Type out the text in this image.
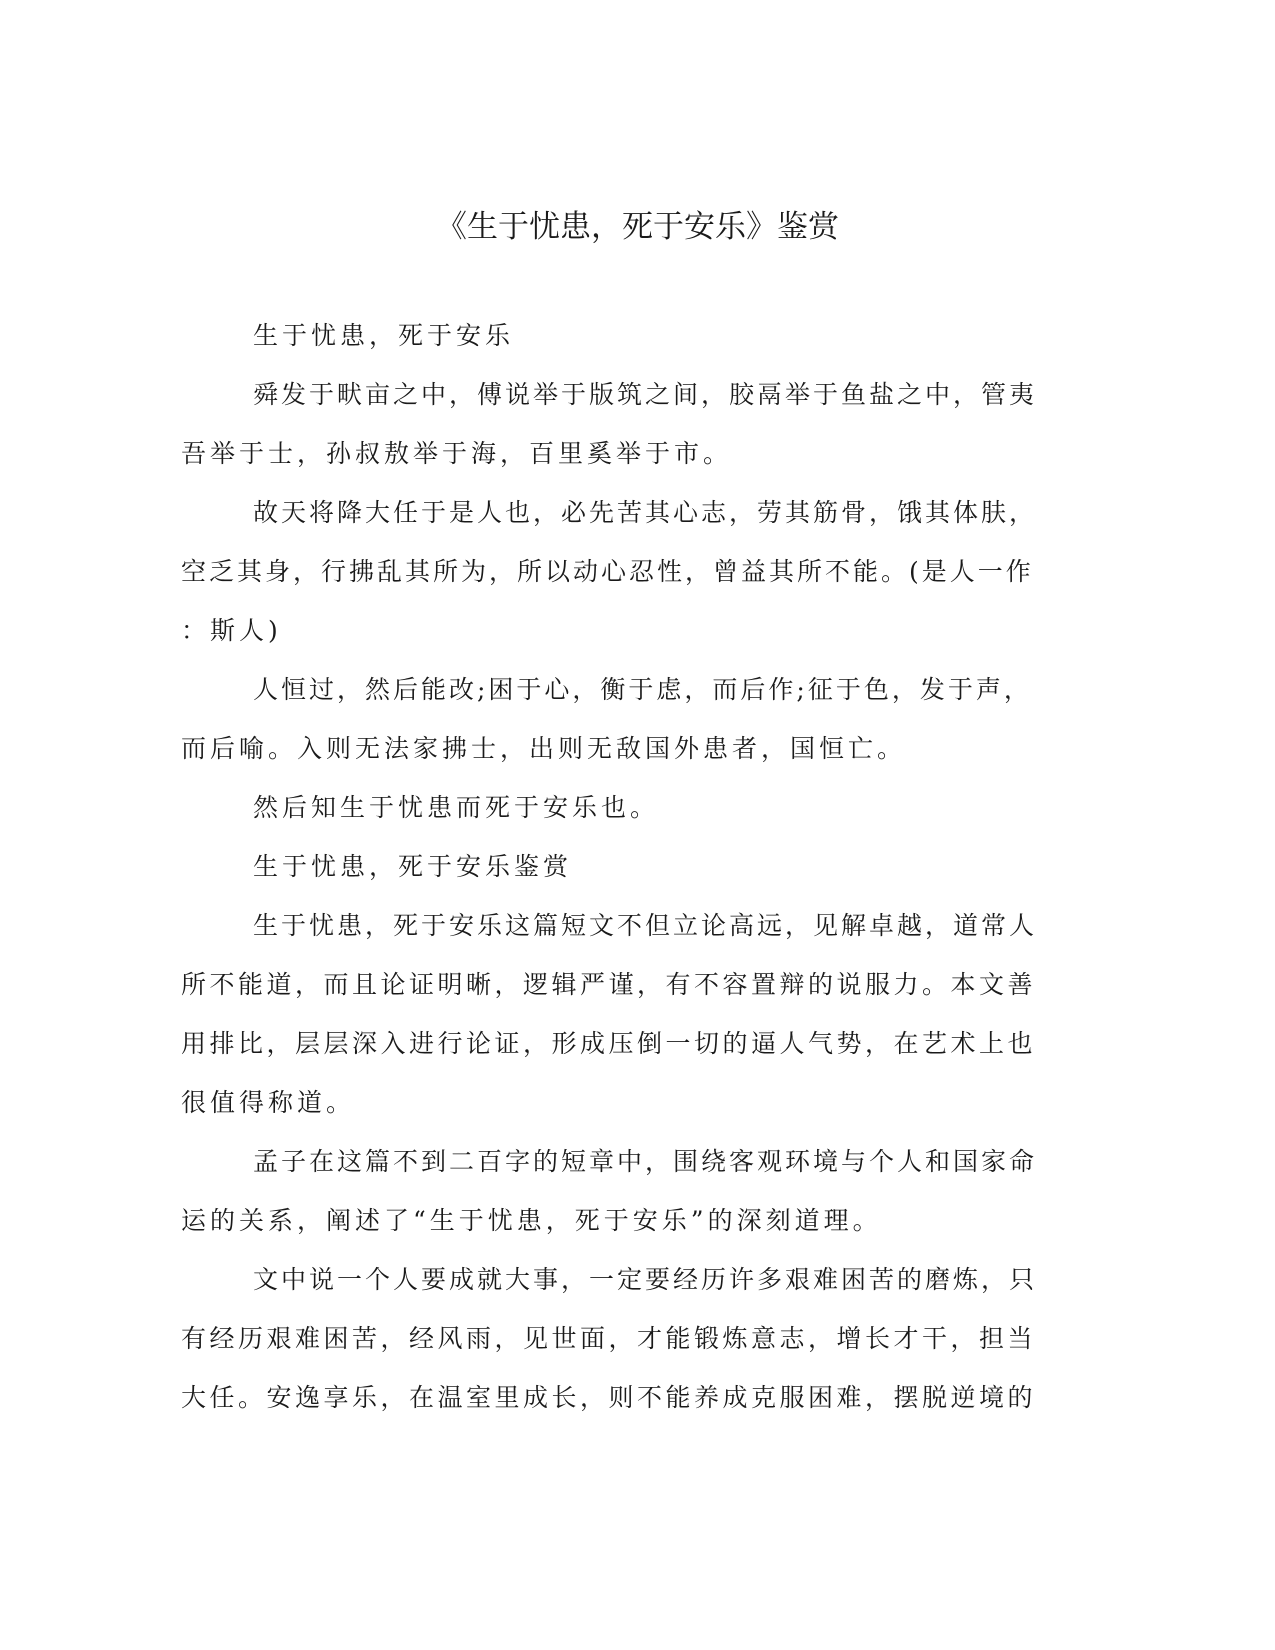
《生于忧患，死于安乐》鉴赏
生于忧患，死于安乐
舜发于畎亩之中，傅说举于版筑之间，胶鬲举于鱼盐之中，管夷
吾举于士，孙叔敖举于海，百里奚举于市。
故天将降大任于是人也，必先苦其心志，劳其筋骨，饿其体肤，
空乏其身，行拂乱其所为，所以动心忍性，曾益其所不能。(是人一作
：斯人)
人恒过，然后能改;困于心，衡于虑，而后作;征于色，发于声，
而后喻。入则无法家拂士，出则无敌国外患者，国恒亡。
然后知生于忧患而死于安乐也。
生于忧患，死于安乐鉴赏
生于忧患，死于安乐这篇短文不但立论高远，见解卓越，道常人
所不能道，而且论证明晰，逻辑严谨，有不容置辩的说服力。本文善
用排比，层层深入进行论证，形成压倒一切的逼人气势，在艺术上也
很值得称道。
孟子在这篇不到二百字的短章中，围绕客观环境与个人和国家命
运的关系，阐述了“生于忧患，死于安乐”的深刻道理。
文中说一个人要成就大事，一定要经历许多艰难困苦的磨炼，只
有经历艰难困苦，经风雨，见世面，才能锻炼意志，增长才干，担当
大任。安逸享乐，在温室里成长，则不能养成克服困难，摆脱逆境的
